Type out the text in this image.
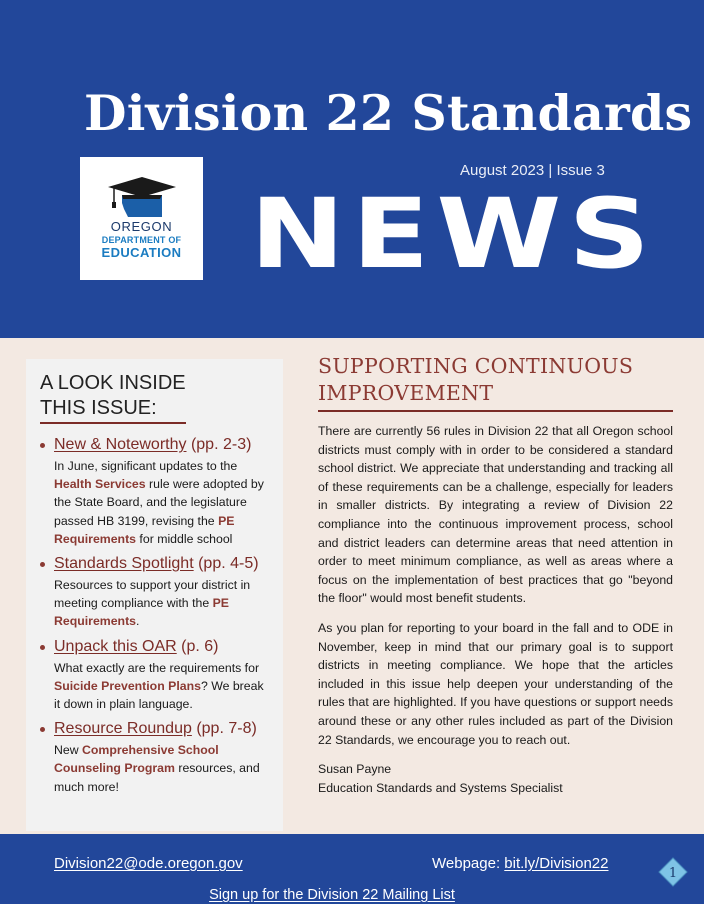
Division 22 Standards
OREGON
DEPARTMENT OF
EDUCATION
August 2023 | Issue 3
NEWS
A LOOK INSIDE
THIS ISSUE:
New & Noteworthy (pp. 2-3)

In June, significant updates to the Health Services rule were adopted by the State Board, and the legislature passed HB 3199, revising the PE Requirements for middle school

Standards Spotlight (pp. 4-5)

Resources to support your district in meeting compliance with the PE Requirements.

Unpack this OAR (p. 6)

What exactly are the requirements for Suicide Prevention Plans? We break it down in plain language.

Resource Roundup (pp. 7-8)

New Comprehensive School Counseling Program resources, and much more!

SUPPORTING CONTINUOUS
IMPROVEMENT

There are currently 56 rules in Division 22 that all Oregon school districts must comply with in order to be considered a standard school district. We appreciate that understanding and tracking all of these requirements can be a challenge, especially for leaders in smaller districts. By integrating a review of Division 22 compliance into the continuous improvement process, school and district leaders can determine areas that need attention in order to meet minimum compliance, as well as areas where a focus on the implementation of best practices that go "beyond the floor" would most benefit students.

As you plan for reporting to your board in the fall and to ODE in November, keep in mind that our primary goal is to support districts in meeting compliance. We hope that the articles included in this issue help deepen your understanding of the rules that are highlighted. If you have questions or support needs around these or any other rules included as part of the Division 22 Standards, we encourage you to reach out.

Susan Payne
Education Standards and Systems Specialist
Division22@ode.oregon.gov	Webpage: bit.ly/Division22
Sign up for the Division 22 Mailing List
1
